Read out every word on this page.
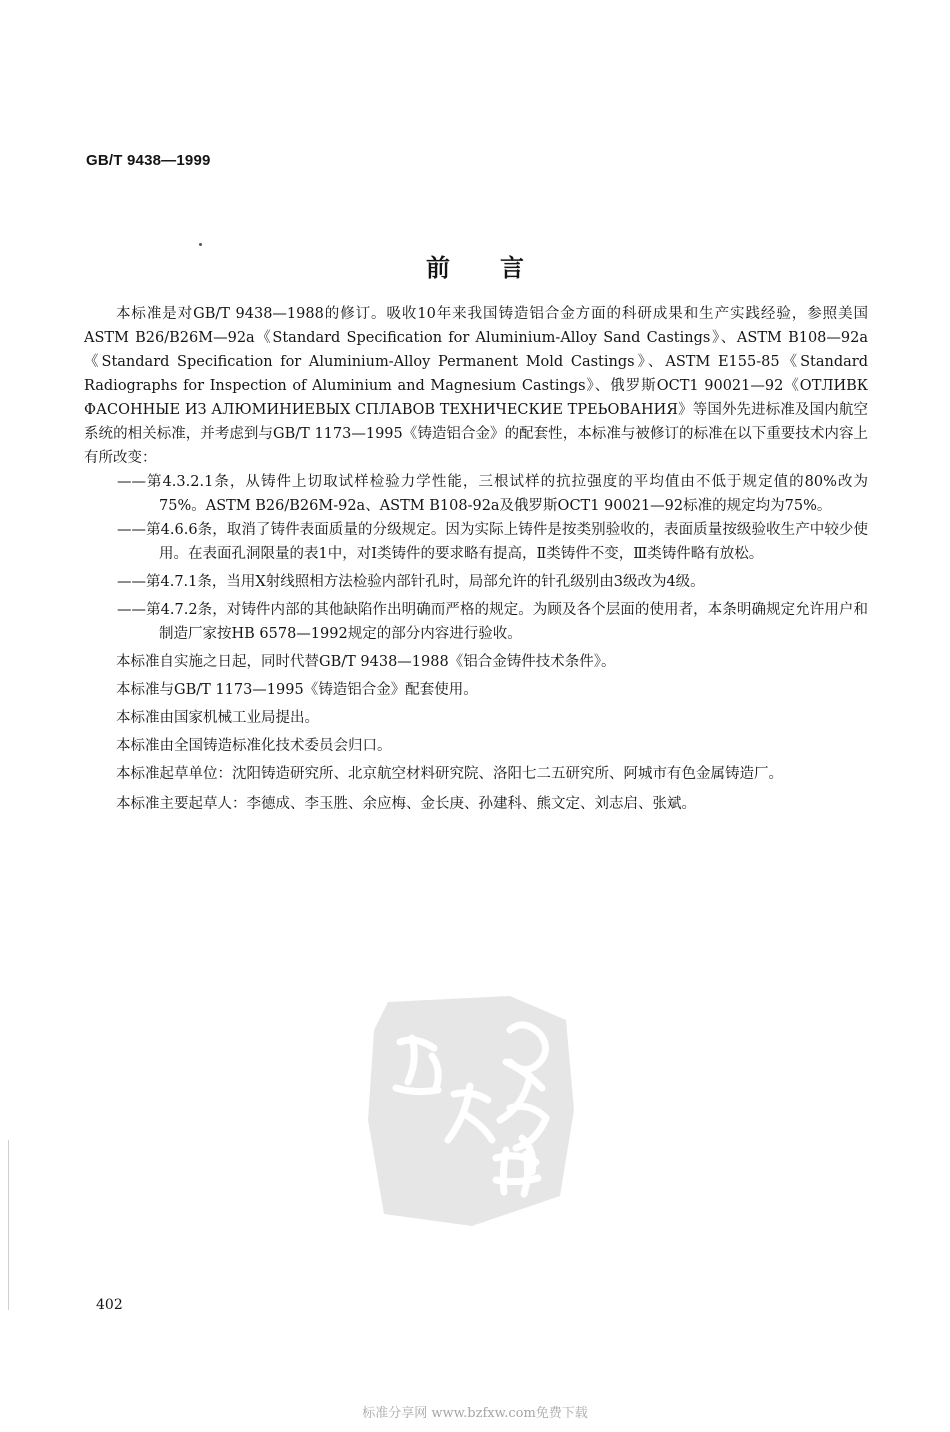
GB/T 9438—1999
前言

本标准是对GB/T 9438—1988的修订。吸收10年来我国铸造铝合金方面的科研成果和生产实践经验，参照美国ASTM B26/B26M—92a《Standard Specification for Aluminium-Alloy Sand Castings》、ASTM B108—92a《Standard Specification for Aluminium-Alloy Permanent Mold Castings》、ASTM E155-85《Standard Radiographs for Inspection of Aluminium and Magnesium Castings》、俄罗斯OCT1 90021—92《ОТЛИВК ФАСОННЫЕ ИЗ АЛЮМИНИЕВЫХ СПЛАВОВ ТЕХНИЧЕСКИЕ ТРЕЬОВАНИЯ》等国外先进标准及国内航空系统的相关标准，并考虑到与GB/T 1173—1995《铸造铝合金》的配套性，本标准与被修订的标准在以下重要技术内容上有所改变：

——第4.3.2.1条，从铸件上切取试样检验力学性能，三根试样的抗拉强度的平均值由不低于规定值的80%改为75%。ASTM B26/B26M-92a、ASTM B108-92a及俄罗斯OCT1 90021—92标准的规定均为75%。

——第4.6.6条，取消了铸件表面质量的分级规定。因为实际上铸件是按类别验收的，表面质量按级验收生产中较少使用。在表面孔洞限量的表1中，对Ⅰ类铸件的要求略有提高，Ⅱ类铸件不变，Ⅲ类铸件略有放松。

——第4.7.1条，当用X射线照相方法检验内部针孔时，局部允许的针孔级别由3级改为4级。

——第4.7.2条，对铸件内部的其他缺陷作出明确而严格的规定。为顾及各个层面的使用者，本条明确规定允许用户和制造厂家按HB 6578—1992规定的部分内容进行验收。

本标准自实施之日起，同时代替GB/T 9438—1988《铝合金铸件技术条件》。

本标准与GB/T 1173—1995《铸造铝合金》配套使用。

本标准由国家机械工业局提出。

本标准由全国铸造标准化技术委员会归口。

本标准起草单位：沈阳铸造研究所、北京航空材料研究院、洛阳七二五研究所、阿城市有色金属铸造厂。

本标准主要起草人：李德成、李玉胜、余应梅、金长庚、孙建科、熊文定、刘志启、张斌。

402
标准分享网 www.bzfxw.com免费下载
